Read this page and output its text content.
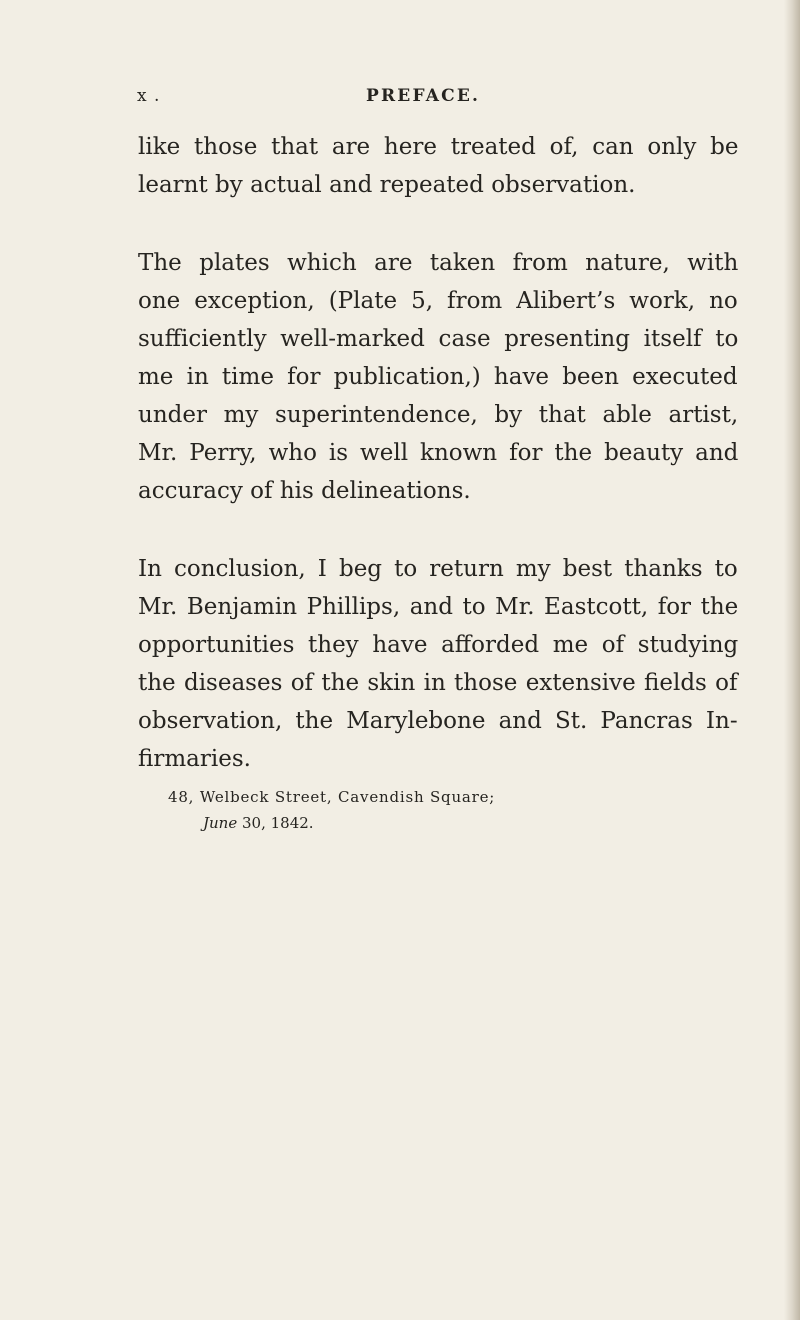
x .	PREFACE.
like those that are here treated of, can only be
learnt by actual and repeated observation.
The plates which are taken from nature, with
one exception, (Plate 5, from Alibert’s work, no
sufficiently well-marked case presenting itself to
me in time for publication,) have been executed
under my superintendence, by that able artist,
Mr. Perry, who is well known for the beauty and
accuracy of his delineations.
In conclusion, I beg to return my best thanks to
Mr. Benjamin Phillips, and to Mr. Eastcott, for the
opportunities they have afforded me of studying
the diseases of the skin in those extensive fields of
observation, the Marylebone and St. Pancras In-
firmaries.
48, Welbeck Street, Cavendish Square;
June 30, 1842.
